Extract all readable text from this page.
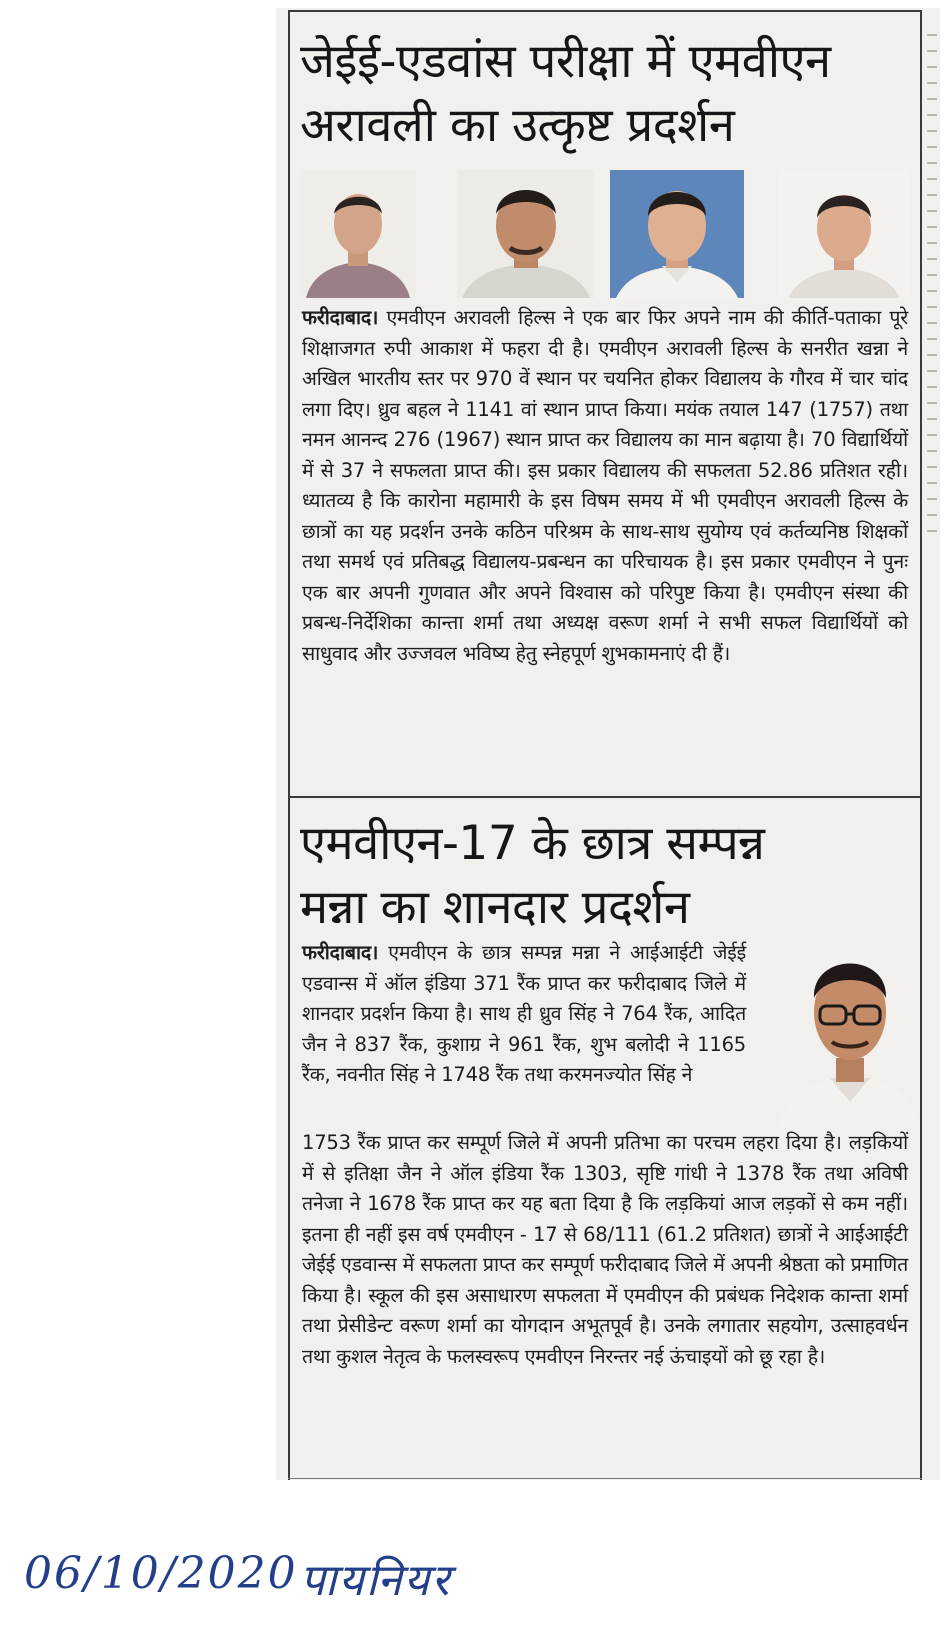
जेईई-एडवांस परीक्षा में एमवीएन
अरावली का उत्कृष्ट प्रदर्शन
फरीदाबाद। एमवीएन अरावली हिल्स ने एक बार फिर अपने नाम की कीर्ति-पताका पूरे शिक्षाजगत रुपी आकाश में फहरा दी है। एमवीएन अरावली हिल्स के सनरीत खन्ना ने अखिल भारतीय स्तर पर 970 वें स्थान पर चयनित होकर विद्यालय के गौरव में चार चांद लगा दिए। ध्रुव बहल ने 1141 वां स्थान प्राप्त किया। मयंक तयाल 147 (1757) तथा नमन आनन्द 276 (1967) स्थान प्राप्त कर विद्यालय का मान बढ़ाया है। 70 विद्यार्थियों में से 37 ने सफलता प्राप्त की। इस प्रकार विद्यालय की सफलता 52.86 प्रतिशत रही। ध्यातव्य है कि कारोना महामारी के इस विषम समय में भी एमवीएन अरावली हिल्स के छात्रों का यह प्रदर्शन उनके कठिन परिश्रम के साथ-साथ सुयोग्य एवं कर्तव्यनिष्ठ शिक्षकों तथा समर्थ एवं प्रतिबद्ध विद्यालय-प्रबन्धन का परिचायक है। इस प्रकार एमवीएन ने पुनः एक बार अपनी गुणवात और अपने विश्वास को परिपुष्ट किया है। एमवीएन संस्था की प्रबन्ध-निर्देशिका कान्ता शर्मा तथा अध्यक्ष वरूण शर्मा ने सभी सफल विद्यार्थियों को साधुवाद और उज्जवल भविष्य हेतु स्नेहपूर्ण शुभकामनाएं दी हैं।
एमवीएन-17 के छात्र सम्पन्न
मन्ना का शानदार प्रदर्शन
फरीदाबाद। एमवीएन के छात्र सम्पन्न मन्ना ने आईआईटी जेईई एडवान्स में ऑल इंडिया 371 रैंक प्राप्त कर फरीदाबाद जिले में शानदार प्रदर्शन किया है। साथ ही ध्रुव सिंह ने 764 रैंक, आदित जैन ने 837 रैंक, कुशाग्र ने 961 रैंक, शुभ बलोदी ने 1165 रैंक, नवनीत सिंह ने 1748 रैंक तथा करमनज्योत सिंह ने
1753 रैंक प्राप्त कर सम्पूर्ण जिले में अपनी प्रतिभा का परचम लहरा दिया है। लड़कियों में से इतिक्षा जैन ने ऑल इंडिया रैंक 1303, सृष्टि गांधी ने 1378 रैंक तथा अविषी तनेजा ने 1678 रैंक प्राप्त कर यह बता दिया है कि लड़कियां आज लड़कों से कम नहीं। इतना ही नहीं इस वर्ष एमवीएन - 17 से 68/111 (61.2 प्रतिशत) छात्रों ने आईआईटी जेईई एडवान्स में सफलता प्राप्त कर सम्पूर्ण फरीदाबाद जिले में अपनी श्रेष्ठता को प्रमाणित किया है। स्कूल की इस असाधारण सफलता में एमवीएन की प्रबंधक निदेशक कान्ता शर्मा तथा प्रेसीडेन्ट वरूण शर्मा का योगदान अभूतपूर्व है। उनके लगातार सहयोग, उत्साहवर्धन तथा कुशल नेतृत्व के फलस्वरूप एमवीएन निरन्तर नई ऊंचाइयों को छू रहा है।
06/10/2020 पायनियर
